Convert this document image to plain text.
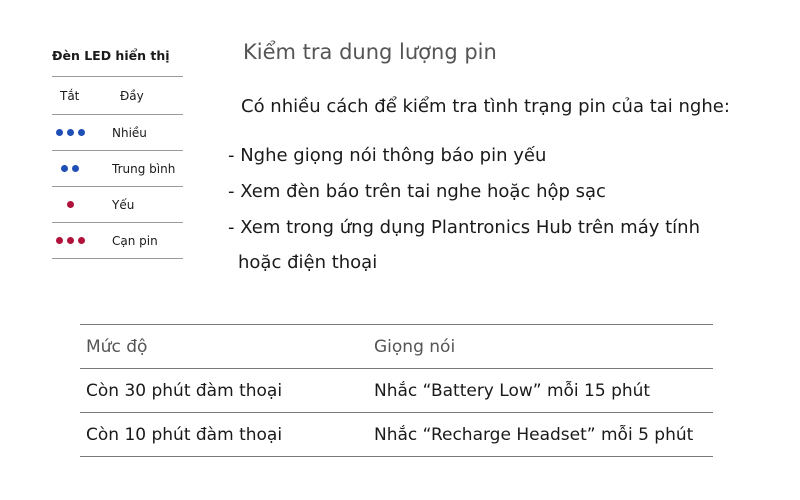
Đèn LED hiển thị
Tắt	Đầy
Nhiều
Trung bình
Yếu
Cạn pin
Kiểm tra dung lượng pin

Có nhiều cách để kiểm tra tình trạng pin của tai nghe:

- Nghe giọng nói thông báo pin yếu
- Xem đèn báo trên tai nghe hoặc hộp sạc
- Xem trong ứng dụng Plantronics Hub trên máy tính
hoặc điện thoại
Mức độ	Giọng nói
Còn 30 phút đàm thoại	Nhắc “Battery Low” mỗi 15 phút
Còn 10 phút đàm thoại	Nhắc “Recharge Headset” mỗi 5 phút
